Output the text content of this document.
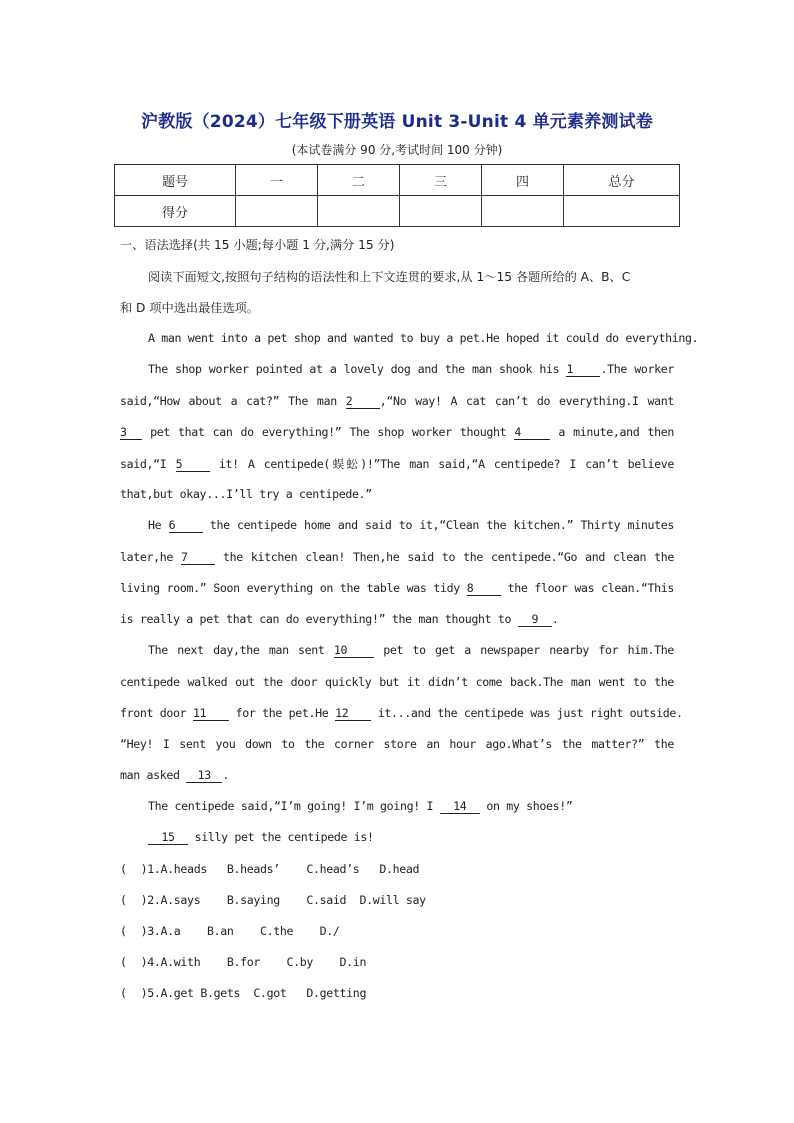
沪教版（2024）七年级下册英语 Unit 3-Unit 4 单元素养测试卷
(本试卷满分 90 分,考试时间 100 分钟)
题号	一	二	三	四	总分
得分					
一、语法选择(共 15 小题;每小题 1 分,满分 15 分)
阅读下面短文,按照句子结构的语法性和上下文连贯的要求,从 1～15 各题所给的 A、B、C
和 D 项中选出最佳选项。
A man went into a pet shop and wanted to buy a pet.He hoped it could do everything.
The shop worker pointed at a lovely dog and the man shook his 1 .The worker
said,“How about a cat?” The man 2 ,“No way! A cat can’t do everything.I want
3 pet that can do everything!” The shop worker thought 4	a minute,and then
said,“I 5	it! A centipede(蜈蚣)!”The man said,“A centipede? I can’t believe
that,but okay...I’ll try a centipede.”
He 6	the centipede home and said to it,“Clean the kitchen.” Thirty minutes
later,he 7	the kitchen clean! Then,he said to the centipede.“Go and clean the
living room.” Soon everything on the table was tidy 8	the floor was clean.“This
is really a pet that can do everything!” the man thought to 9 .
The next day,the man sent 10	pet to get a newspaper nearby for him.The
centipede walked out the door quickly but it didn’t come back.The man went to the
front door 11	for the pet.He 12	it...and the centipede was just right outside.
“Hey! I sent you down to the corner store an hour ago.What’s the matter?” the
man asked 13 .
The centipede said,“I’m going! I’m going! I 14 on my shoes!”
15 silly pet the centipede is!
( )1.A.heads   B.heads’    C.head’s   D.head
( )2.A.says    B.saying    C.said  D.will say
( )3.A.a    B.an    C.the    D./
( )4.A.with    B.for    C.by    D.in
( )5.A.get B.gets  C.got   D.getting
